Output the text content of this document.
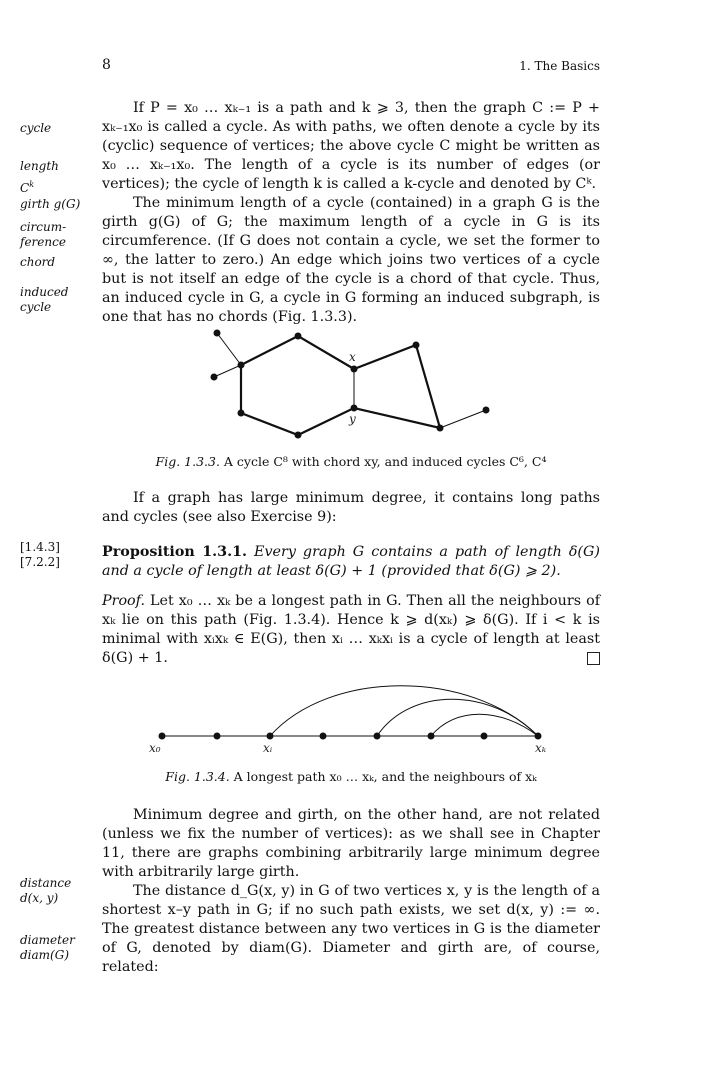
8	1. The Basics
cycle
length
$C^k$
girth g(G)
circum-
ference
chord
induced
cycle
[1.4.3]
[7.2.2]
distance
d(x, y)
diameter
diam(G)

If P = x₀ … xₖ₋₁ is a path and k ⩾ 3, then the graph C := P + xₖ₋₁x₀ is called a cycle. As with paths, we often denote a cycle by its (cyclic) sequence of vertices; the above cycle C might be written as x₀ … xₖ₋₁x₀. The length of a cycle is its number of edges (or vertices); the cycle of length k is called a k-cycle and denoted by Cᵏ.

The minimum length of a cycle (contained) in a graph G is the girth g(G) of G; the maximum length of a cycle in G is its circumference. (If G does not contain a cycle, we set the former to ∞, the latter to zero.) An edge which joins two vertices of a cycle but is not itself an edge of the cycle is a chord of that cycle. Thus, an induced cycle in G, a cycle in G forming an induced subgraph, is one that has no chords (Fig. 1.3.3).

x
y
Fig. 1.3.3. A cycle C⁸ with chord xy, and induced cycles C⁶, C⁴

If a graph has large minimum degree, it contains long paths and cycles (see also Exercise 9):

Proposition 1.3.1. Every graph G contains a path of length δ(G) and a cycle of length at least δ(G) + 1 (provided that δ(G) ⩾ 2).

Proof. Let x₀ … xₖ be a longest path in G. Then all the neighbours of xₖ lie on this path (Fig. 1.3.4). Hence k ⩾ d(xₖ) ⩾ δ(G). If i < k is minimal with xᵢxₖ ∈ E(G), then xᵢ … xₖxᵢ is a cycle of length at least δ(G) + 1.

x₀	xᵢ	xₖ
Fig. 1.3.4. A longest path x₀ … xₖ, and the neighbours of xₖ

Minimum degree and girth, on the other hand, are not related (unless we fix the number of vertices): as we shall see in Chapter 11, there are graphs combining arbitrarily large minimum degree with arbitrarily large girth.

The distance d_G(x, y) in G of two vertices x, y is the length of a shortest x–y path in G; if no such path exists, we set d(x, y) := ∞. The greatest distance between any two vertices in G is the diameter of G, denoted by diam(G). Diameter and girth are, of course, related:
